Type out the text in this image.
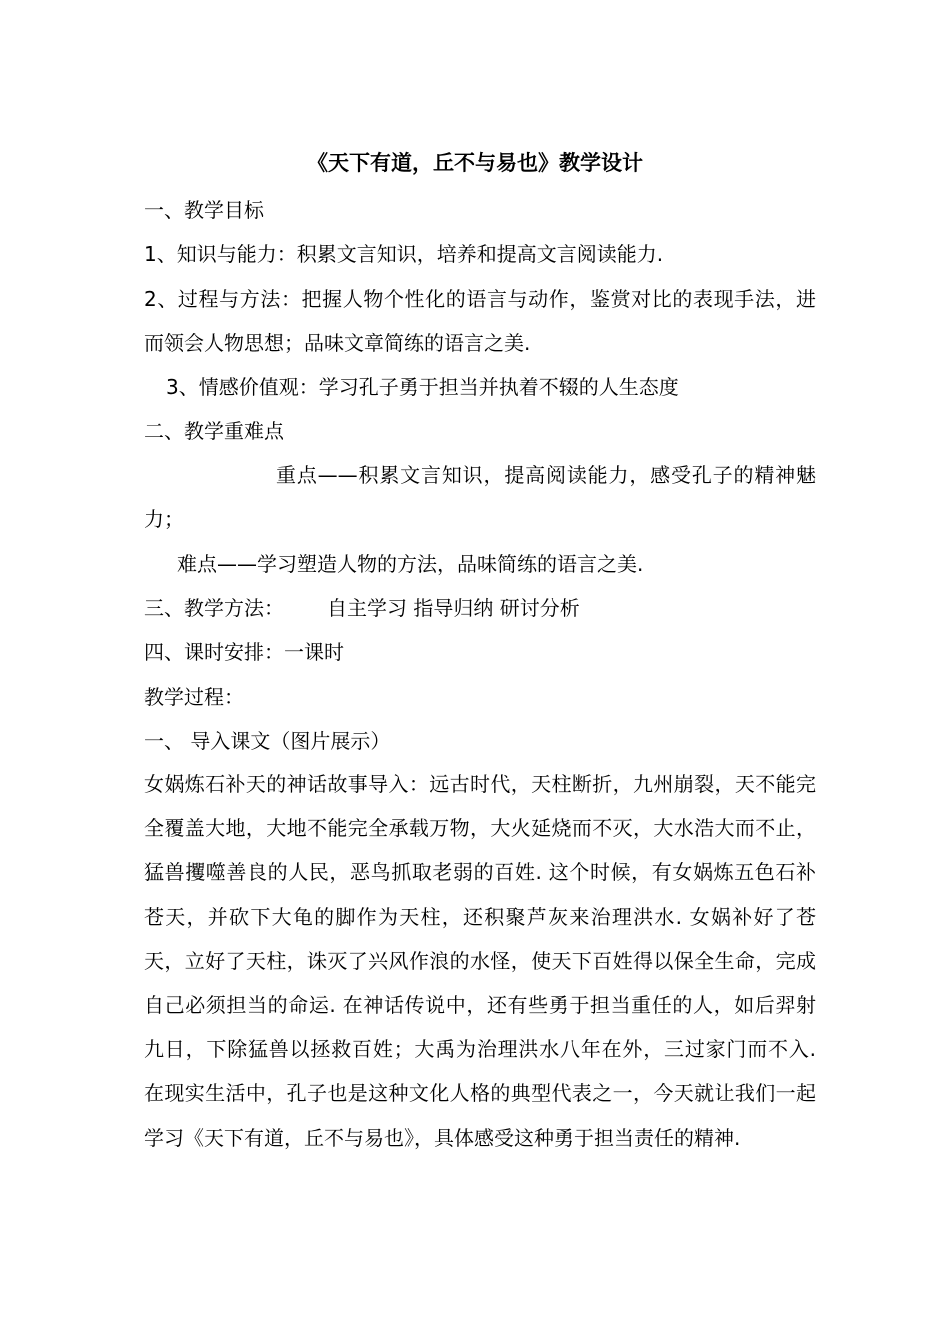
《天下有道，丘不与易也》教学设计
一、教学目标
1、知识与能力：积累文言知识，培养和提高文言阅读能力.
2、过程与方法：把握人物个性化的语言与动作，鉴赏对比的表现手法，进而领会人物思想；品味文章简练的语言之美.
3、情感价值观：学习孔子勇于担当并执着不辍的人生态度
二、教学重难点
重点——积累文言知识，提高阅读能力，感受孔子的精神魅力；
难点——学习塑造人物的方法，品味简练的语言之美.
三、教学方法： 自主学习 指导归纳 研讨分析
四、课时安排：一课时
教学过程：
一、 导入课文（图片展示）
女娲炼石补天的神话故事导入：远古时代，天柱断折，九州崩裂，天不能完全覆盖大地，大地不能完全承载万物，大火延烧而不灭，大水浩大而不止，猛兽攫噬善良的人民，恶鸟抓取老弱的百姓. 这个时候，有女娲炼五色石补苍天，并砍下大龟的脚作为天柱，还积聚芦灰来治理洪水. 女娲补好了苍天，立好了天柱，诛灭了兴风作浪的水怪，使天下百姓得以保全生命，完成自己必须担当的命运. 在神话传说中，还有些勇于担当重任的人，如后羿射九日，下除猛兽以拯救百姓；大禹为治理洪水八年在外，三过家门而不入. 在现实生活中，孔子也是这种文化人格的典型代表之一，今天就让我们一起学习《天下有道，丘不与易也》，具体感受这种勇于担当责任的精神.
